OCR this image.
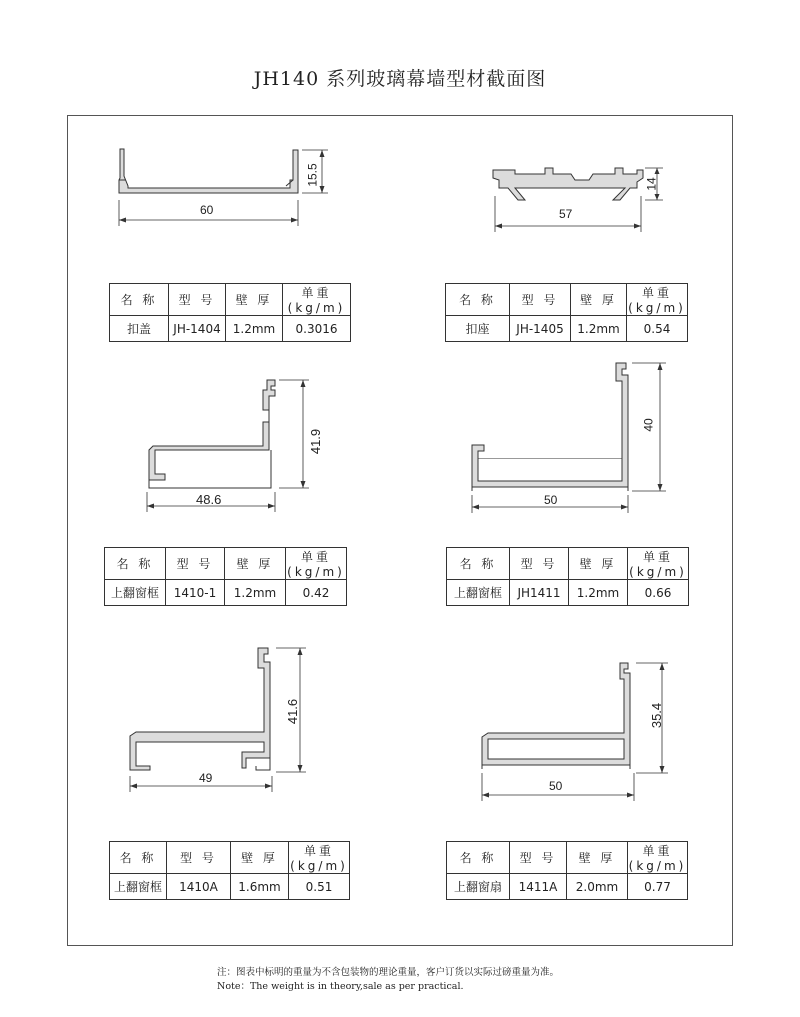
JH140 系列玻璃幕墙型材截面图
60
15.5
57
14
48.6
41.9
50
40
49
41.6
50
35.4
名 称	型 号	壁 厚	单重(kg/m)
扣盖	JH-1404	1.2mm	0.3016
名 称	型 号	壁 厚	单重(kg/m)
扣座	JH-1405	1.2mm	0.54
名 称	型 号	壁 厚	单重(kg/m)
上翻窗框	1410-1	1.2mm	0.42
名 称	型 号	壁 厚	单重(kg/m)
上翻窗框	JH1411	1.2mm	0.66
名 称	型 号	壁 厚	单重(kg/m)
上翻窗框	1410A	1.6mm	0.51
名 称	型 号	壁 厚	单重(kg/m)
上翻窗扇	1411A	2.0mm	0.77
注：图表中标明的重量为不含包装物的理论重量，客户订货以实际过磅重量为准。
Note：The weight is in theory,sale as per practical.
